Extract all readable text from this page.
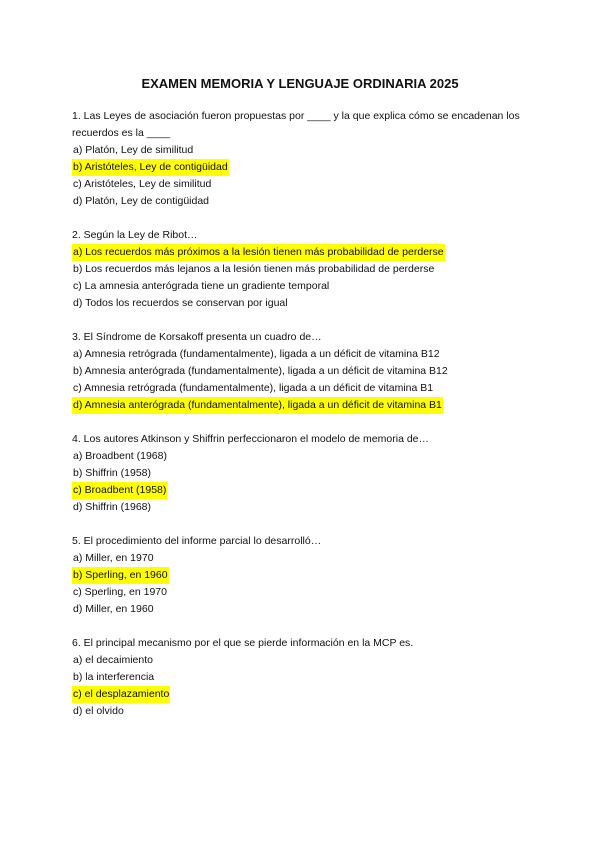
EXAMEN MEMORIA Y LENGUAJE ORDINARIA 2025
1. Las Leyes de asociación fueron propuestas por ____ y la que explica cómo se encadenan los recuerdos es la ____
a) Platón, Ley de similitud
b) Aristóteles, Ley de contigüidad
c) Aristóteles, Ley de similitud
d) Platón, Ley de contigüidad
2. Según la Ley de Ribot…
a) Los recuerdos más próximos a la lesión tienen más probabilidad de perderse
b) Los recuerdos más lejanos a la lesión tienen más probabilidad de perderse
c) La amnesia anterógrada tiene un gradiente temporal
d) Todos los recuerdos se conservan por igual
3. El Síndrome de Korsakoff presenta un cuadro de…
a) Amnesia retrógrada (fundamentalmente), ligada a un déficit de vitamina B12
b) Amnesia anterógrada (fundamentalmente), ligada a un déficit de vitamina B12
c) Amnesia retrógrada (fundamentalmente), ligada a un déficit de vitamina B1
d) Amnesia anterógrada (fundamentalmente), ligada a un déficit de vitamina B1
4. Los autores Atkinson y Shiffrin perfeccionaron el modelo de memoria de…
a) Broadbent (1968)
b) Shiffrin (1958)
c) Broadbent (1958)
d) Shiffrin (1968)
5. El procedimiento del informe parcial lo desarrolló…
a) Miller, en 1970
b) Sperling, en 1960
c) Sperling, en 1970
d) Miller, en 1960
6. El principal mecanismo por el que se pierde información en la MCP es.
a) el decaimiento
b) la interferencia
c) el desplazamiento
d) el olvido
